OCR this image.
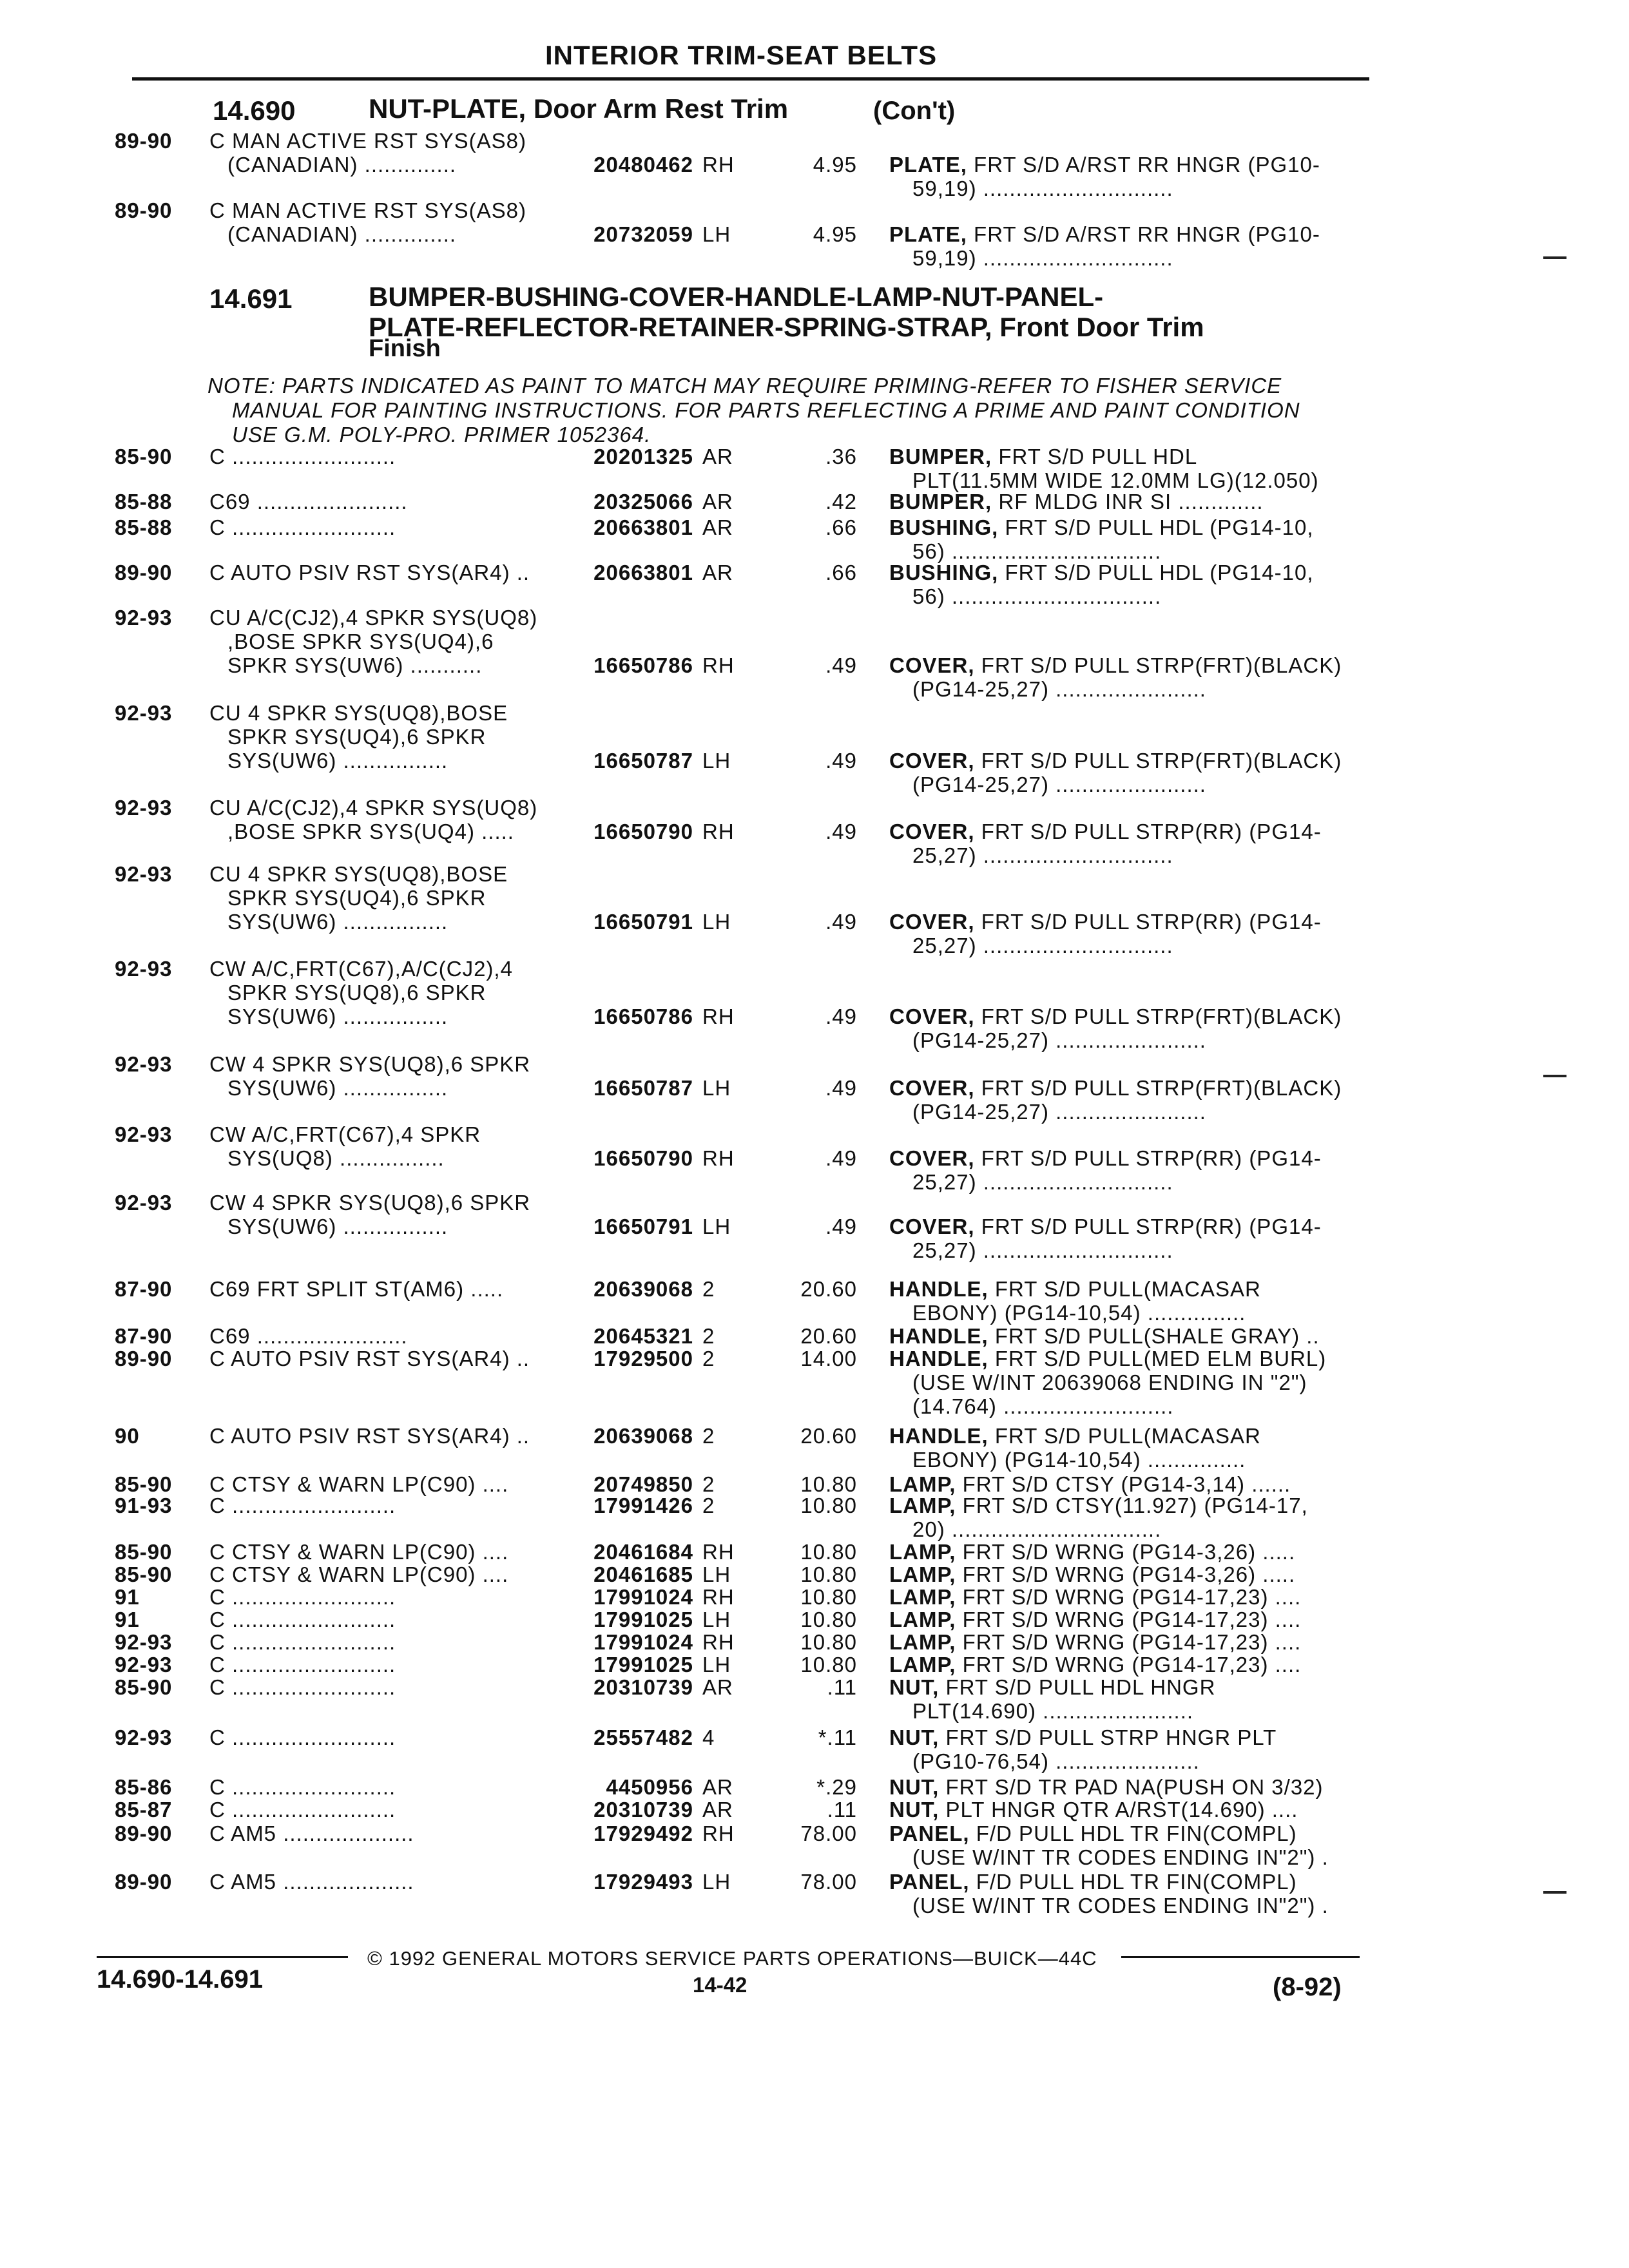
INTERIOR TRIM-SEAT BELTS
14.690	NUT-PLATE, Door Arm Rest Trim	(Con't)
89-90 C MAN ACTIVE RST SYS(AS8)
(CANADIAN) ..............	20480462 RH	4.95 PLATE, FRT S/D A/RST RR HNGR (PG10-
59,19) .............................
89-90 C MAN ACTIVE RST SYS(AS8)
(CANADIAN) ..............	20732059 LH	4.95 PLATE, FRT S/D A/RST RR HNGR (PG10-
59,19) .............................
14.691	BUMPER-BUSHING-COVER-HANDLE-LAMP-NUT-PANEL-
PLATE-REFLECTOR-RETAINER-SPRING-STRAP, Front Door Trim
Finish
NOTE: PARTS INDICATED AS PAINT TO MATCH MAY REQUIRE PRIMING-REFER TO FISHER SERVICE
MANUAL FOR PAINTING INSTRUCTIONS. FOR PARTS REFLECTING A PRIME AND PAINT CONDITION
USE G.M. POLY-PRO. PRIMER 1052364.
85-90 C .........................	20201325 AR	.36 BUMPER, FRT S/D PULL HDL
PLT(11.5MM WIDE 12.0MM LG)(12.050)
85-88 C69 .......................	20325066 AR	.42 BUMPER, RF MLDG INR SI .............
85-88 C .........................	20663801 AR	.66 BUSHING, FRT S/D PULL HDL (PG14-10,
56) ................................
89-90 C AUTO PSIV RST SYS(AR4) ..	20663801 AR	.66 BUSHING, FRT S/D PULL HDL (PG14-10,
56) ................................
92-93 CU A/C(CJ2),4 SPKR SYS(UQ8)
,BOSE SPKR SYS(UQ4),6
SPKR SYS(UW6) ...........	16650786 RH	.49 COVER, FRT S/D PULL STRP(FRT)(BLACK)
(PG14-25,27) .......................
92-93 CU 4 SPKR SYS(UQ8),BOSE
SPKR SYS(UQ4),6 SPKR
SYS(UW6) ................	16650787 LH	.49 COVER, FRT S/D PULL STRP(FRT)(BLACK)
(PG14-25,27) .......................
92-93 CU A/C(CJ2),4 SPKR SYS(UQ8)
,BOSE SPKR SYS(UQ4) .....	16650790 RH	.49 COVER, FRT S/D PULL STRP(RR) (PG14-
25,27) .............................
92-93 CU 4 SPKR SYS(UQ8),BOSE
SPKR SYS(UQ4),6 SPKR
SYS(UW6) ................	16650791 LH	.49 COVER, FRT S/D PULL STRP(RR) (PG14-
25,27) .............................
92-93 CW A/C,FRT(C67),A/C(CJ2),4
SPKR SYS(UQ8),6 SPKR
SYS(UW6) ................	16650786 RH	.49 COVER, FRT S/D PULL STRP(FRT)(BLACK)
(PG14-25,27) .......................
92-93 CW 4 SPKR SYS(UQ8),6 SPKR
SYS(UW6) ................	16650787 LH	.49 COVER, FRT S/D PULL STRP(FRT)(BLACK)
(PG14-25,27) .......................
92-93 CW A/C,FRT(C67),4 SPKR
SYS(UQ8) ................	16650790 RH	.49 COVER, FRT S/D PULL STRP(RR) (PG14-
25,27) .............................
92-93 CW 4 SPKR SYS(UQ8),6 SPKR
SYS(UW6) ................	16650791 LH	.49 COVER, FRT S/D PULL STRP(RR) (PG14-
25,27) .............................
87-90 C69 FRT SPLIT ST(AM6) .....	20639068 2	20.60 HANDLE, FRT S/D PULL(MACASAR
EBONY) (PG14-10,54) ...............
87-90 C69 .......................	20645321 2	20.60 HANDLE, FRT S/D PULL(SHALE GRAY) ..
89-90 C AUTO PSIV RST SYS(AR4) ..	17929500 2	14.00 HANDLE, FRT S/D PULL(MED ELM BURL)
(USE W/INT 20639068 ENDING IN "2")
(14.764) ..........................
90	C AUTO PSIV RST SYS(AR4) ..	20639068 2	20.60 HANDLE, FRT S/D PULL(MACASAR
EBONY) (PG14-10,54) ...............
85-90 C CTSY & WARN LP(C90) ....	20749850 2	10.80 LAMP, FRT S/D CTSY (PG14-3,14) ......
91-93 C .........................	17991426 2	10.80 LAMP, FRT S/D CTSY(11.927) (PG14-17,
20) ................................
85-90 C CTSY & WARN LP(C90) ....	20461684 RH	10.80 LAMP, FRT S/D WRNG (PG14-3,26) .....
85-90 C CTSY & WARN LP(C90) ....	20461685 LH	10.80 LAMP, FRT S/D WRNG (PG14-3,26) .....
91	C .........................	17991024 RH	10.80 LAMP, FRT S/D WRNG (PG14-17,23) ....
91	C .........................	17991025 LH	10.80 LAMP, FRT S/D WRNG (PG14-17,23) ....
92-93 C .........................	17991024 RH	10.80 LAMP, FRT S/D WRNG (PG14-17,23) ....
92-93 C .........................	17991025 LH	10.80 LAMP, FRT S/D WRNG (PG14-17,23) ....
85-90 C .........................	20310739 AR	.11 NUT, FRT S/D PULL HDL HNGR
PLT(14.690) .......................
92-93 C .........................	25557482 4	*.11 NUT, FRT S/D PULL STRP HNGR PLT
(PG10-76,54) ......................
85-86 C .........................	4450956 AR	*.29 NUT, FRT S/D TR PAD NA(PUSH ON 3/32)
85-87 C .........................	20310739 AR	.11 NUT, PLT HNGR QTR A/RST(14.690) ....
89-90 C AM5 ....................	17929492 RH	78.00 PANEL, F/D PULL HDL TR FIN(COMPL)
(USE W/INT TR CODES ENDING IN"2") .
89-90 C AM5 ....................	17929493 LH	78.00 PANEL, F/D PULL HDL TR FIN(COMPL)
(USE W/INT TR CODES ENDING IN"2") .
© 1992 GENERAL MOTORS SERVICE PARTS OPERATIONS—BUICK—44C
14.690-14.691	14-42	(8-92)
